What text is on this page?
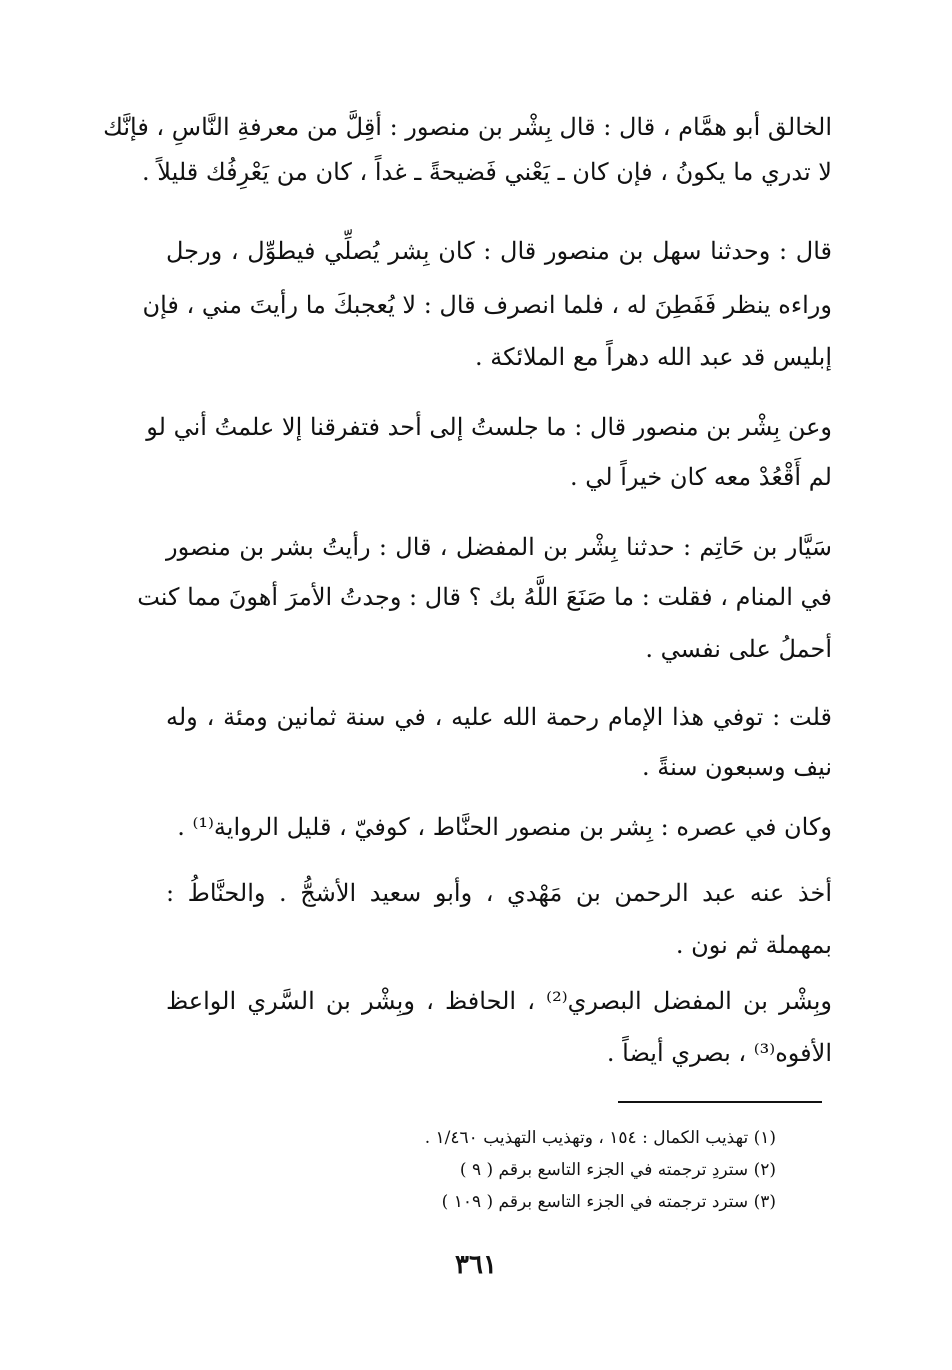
الخالق أبو همَّام ، قال : قال بِشْر بن منصور : أقِلَّ من معرفةِ النَّاسِ ، فإنَّك
لا تدري ما يكونُ ، فإن كان ـ يَعْني فَضيحةً ـ غداً ، كان من يَعْرِفُك قليلاً .
قال : وحدثنا سهل بن منصور قال : كان بِشر يُصلِّي فيطوِّل ، ورجل
وراءه ينظر فَفَطِنَ له ، فلما انصرف قال : لا يُعجبكَ ما رأيتَ مني ، فإن
إبليس قد عبد الله دهراً مع الملائكة .
وعن بِشْر بن منصور قال : ما جلستُ إلى أحد فتفرقنا إلا علمتُ أني لو
لم أَقْعُدْ معه كان خيراً لي .
سَيَّار بن حَاتِم : حدثنا بِشْر بن المفضل ، قال : رأيتُ بشر بن منصور
في المنام ، فقلت : ما صَنَعَ اللَّهُ بك ؟ قال : وجدتُ الأمرَ أهونَ مما كنت
أحملُ على نفسي .
قلت : توفي هذا الإمام رحمة الله عليه ، في سنة ثمانين ومئة ، وله
نيف وسبعون سنةً .
وكان في عصره : بِشر بن منصور الحنَّاط ، كوفيّ ، قليل الرواية⁽¹⁾ .
أخذ عنه عبد الرحمن بن مَهْدي ، وأبو سعيد الأشجُّ . والحنَّاطُ :
بمهملة ثم نون .
وبِشْر بن المفضل البصري⁽²⁾ ، الحافظ ، وبِشْر بن السَّري الواعظ
الأفوه⁽³⁾ ، بصري أيضاً .
(١) تهذيب الكمال : ١٥٤ ، وتهذيب التهذيب ١/٤٦٠ .
(٢) ستردِ ترجمته في الجزء التاسع برقم ( ٩ )
(٣) سترد ترجمته في الجزء التاسع برقم ( ١٠٩ )
٣٦١
